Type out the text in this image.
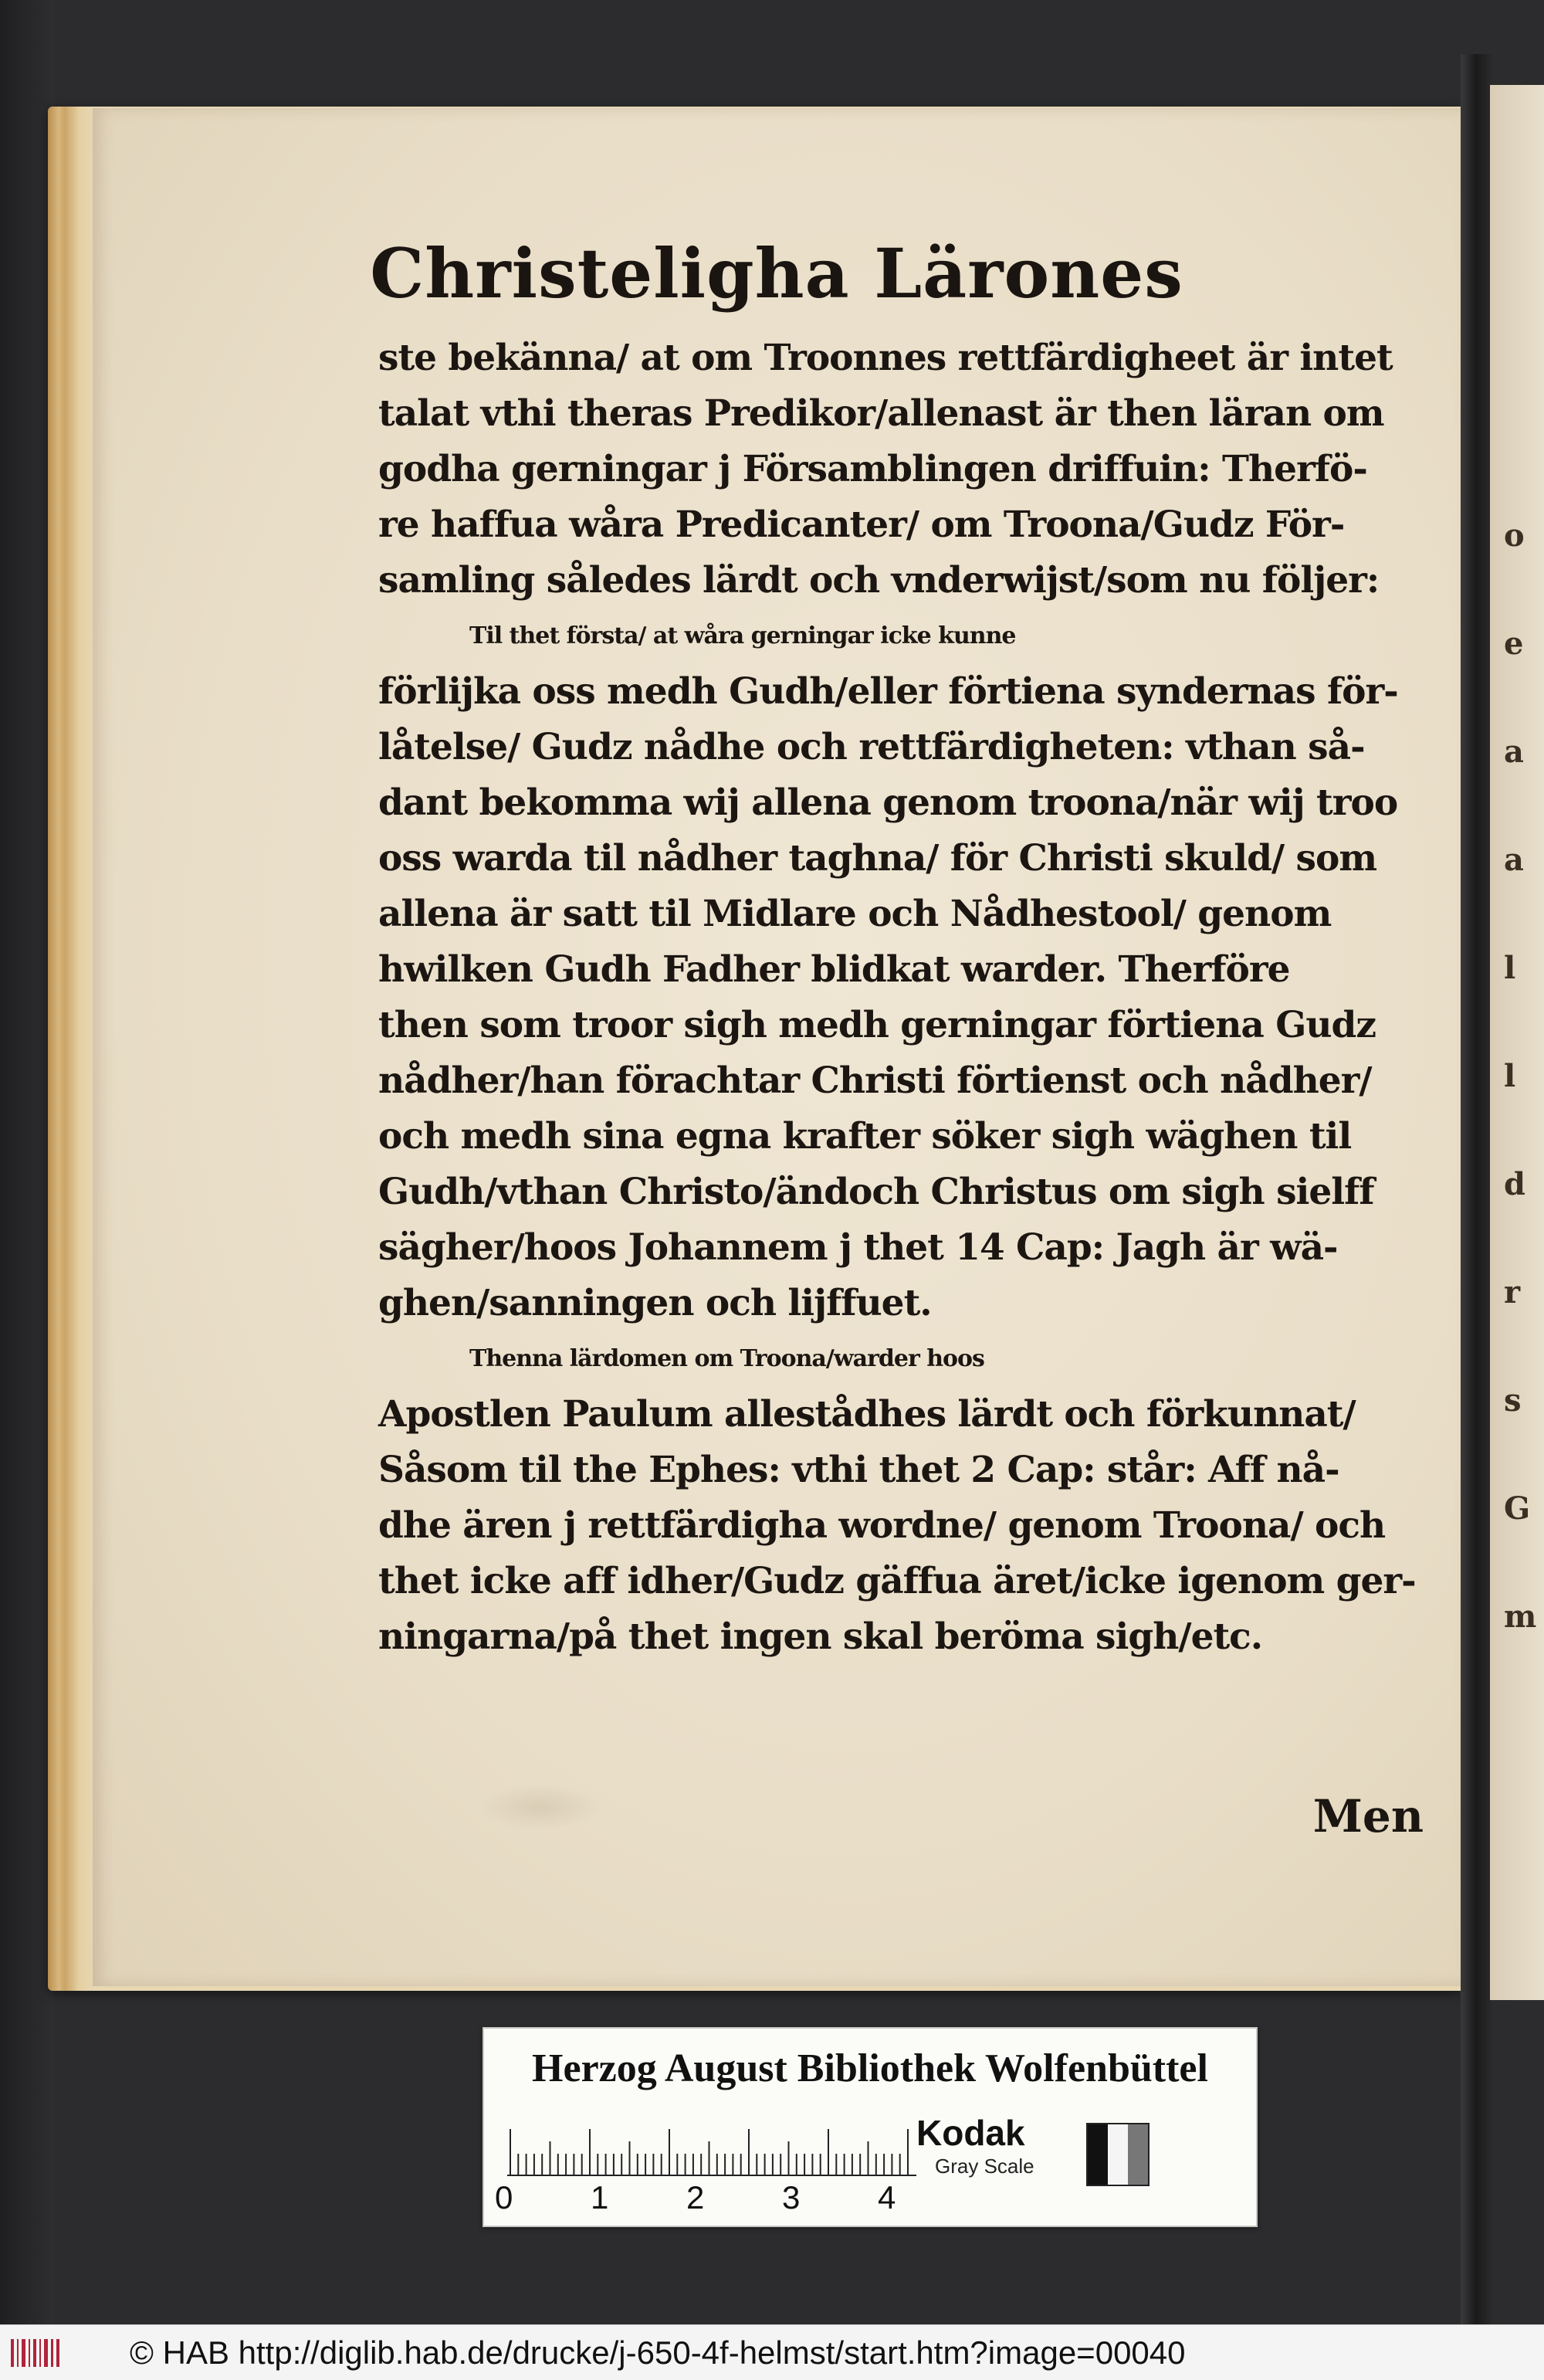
Christeligha Lärones
ste bekänna/ at om Troonnes rettfärdigheet är intet
talat vthi theras Predikor/allenast är then läran om
godha gerningar j Församblingen driffuin: Therfö-
re haffua wåra Predicanter/ om Troona/Gudz För-
samling således lärdt och vnderwijst/som nu följer:
Til thet första/ at wåra gerningar icke kunne
förlijka oss medh Gudh/eller förtiena syndernas för-
låtelse/ Gudz nådhe och rettfärdigheten: vthan så-
dant bekomma wij allena genom troona/när wij troo
oss warda til nådher taghna/ för Christi skuld/ som
allena är satt til Midlare och Nådhestool/ genom
hwilken Gudh Fadher blidkat warder. Therföre
then som troor sigh medh gerningar förtiena Gudz
nådher/han förachtar Christi förtienst och nådher/
och medh sina egna krafter söker sigh wäghen til
Gudh/vthan Christo/ändoch Christus om sigh sielff
sägher/hoos Johannem j thet 14 Cap: Jagh är wä-
ghen/sanningen och lijffuet.
Thenna lärdomen om Troona/warder hoos
Apostlen Paulum allestådhes lärdt och förkunnat/
Såsom til the Ephes: vthi thet 2 Cap: står: Aff nå-
dhe ären j rettfärdigha wordne/ genom Troona/ och
thet icke aff idher/Gudz gäffua äret/icke igenom ger-
ningarna/på thet ingen skal beröma sigh/etc.
Men
o
e
a
a
l
l
d
r
s
G
m
Herzog August Bibliothek Wolfenbüttel
0 1 2 3 4
Kodak
Gray Scale
© HAB http://diglib.hab.de/drucke/j-650-4f-helmst/start.htm?image=00040
